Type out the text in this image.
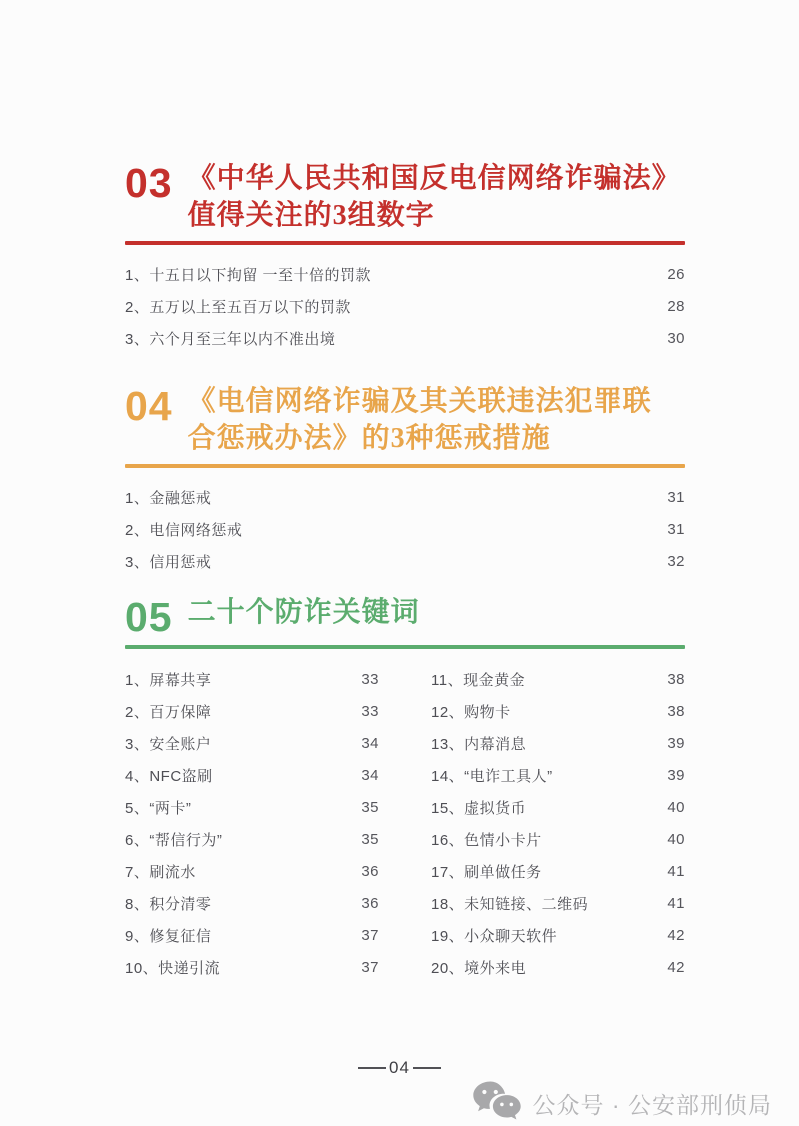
03 《中华人民共和国反电信网络诈骗法》
值得关注的3组数字
1、十五日以下拘留 一至十倍的罚款	26
2、五万以上至五百万以下的罚款	28
3、六个月至三年以内不准出境	30
04 《电信网络诈骗及其关联违法犯罪联
合惩戒办法》的3种惩戒措施
1、金融惩戒	31
2、电信网络惩戒	31
3、信用惩戒	32
05 二十个防诈关键词
1、屏幕共享	33
2、百万保障	33
3、安全账户	34
4、NFC盗刷	34
5、“两卡”	35
6、“帮信行为”	35
7、刷流水	36
8、积分清零	36
9、修复征信	37
10、快递引流	37
11、现金黄金	38
12、购物卡	38
13、内幕消息	39
14、“电诈工具人”	39
15、虚拟货币	40
16、色情小卡片	40
17、刷单做任务	41
18、未知链接、二维码	41
19、小众聊天软件	42
20、境外来电	42
04
公众号 · 公安部刑侦局
